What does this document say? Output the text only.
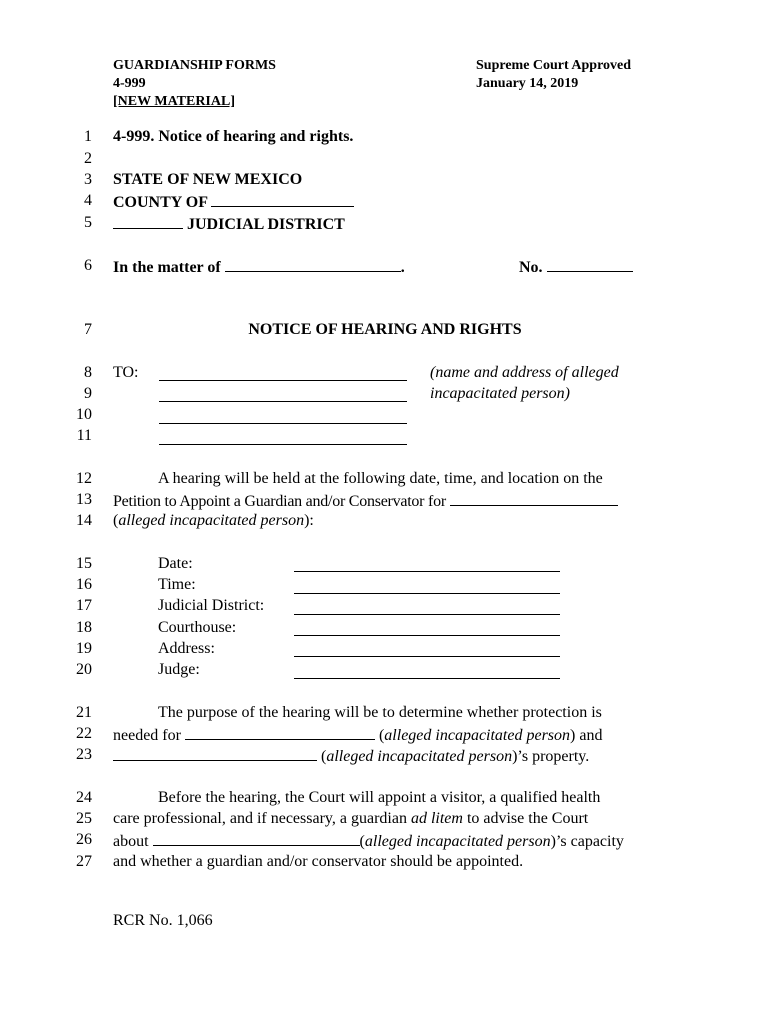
GUARDIANSHIP FORMS
4-999
[NEW MATERIAL]
Supreme Court Approved
January 14, 2019
1
2
3
4
5
6
7
8
9
10
11
12
13
14
15
16
17
18
19
20
21
22
23
24
25
26
27
4-999. Notice of hearing and rights.
STATE OF NEW MEXICO
COUNTY OF
JUDICIAL DISTRICT
In the matter of	.	No.
NOTICE OF HEARING AND RIGHTS
TO:	(name and address of alleged
incapacitated person)
A hearing will be held at the following date, time, and location on the
Petition to Appoint a Guardian and/or Conservator for
(alleged incapacitated person):
Date:
Time:
Judicial District:
Courthouse:
Address:
Judge:
The purpose of the hearing will be to determine whether protection is
needed for	(alleged incapacitated person) and
(alleged incapacitated person)’s property.
Before the hearing, the Court will appoint a visitor, a qualified health
care professional, and if necessary, a guardian ad litem to advise the Court
about	(alleged incapacitated person)’s capacity
and whether a guardian and/or conservator should be appointed.
RCR No. 1,066
